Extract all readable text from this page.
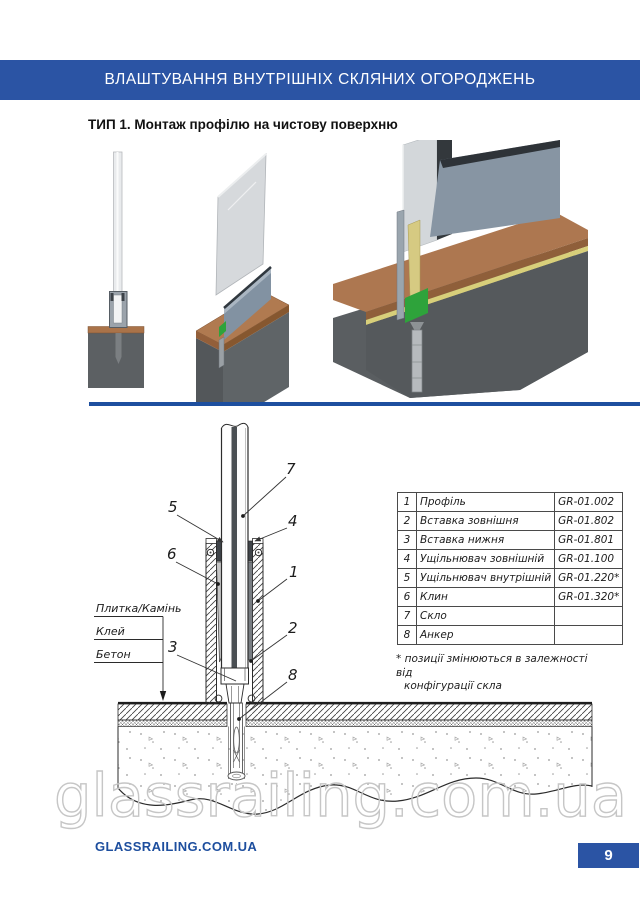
ВЛАШТУВАННЯ ВНУТРІШНІХ СКЛЯНИХ ОГОРОДЖЕНЬ
ТИП 1. Монтаж профілю на чистову поверхню
Плитка/Камінь
Клей
Бетон
7
5
4
6
1
2
3
8
1	Профіль	GR-01.002
2	Вставка зовнішня	GR-01.802
3	Вставка нижня	GR-01.801
4	Ущільнювач зовнішній	GR-01.100
5	Ущільнювач внутрішній	GR-01.220*
6	Клин	GR-01.320*
7	Скло	
8	Анкер	
* позиції змінюються в залежності від
конфігурації скла
glassrailing.com.ua
GLASSRAILING.COM.UA
9
